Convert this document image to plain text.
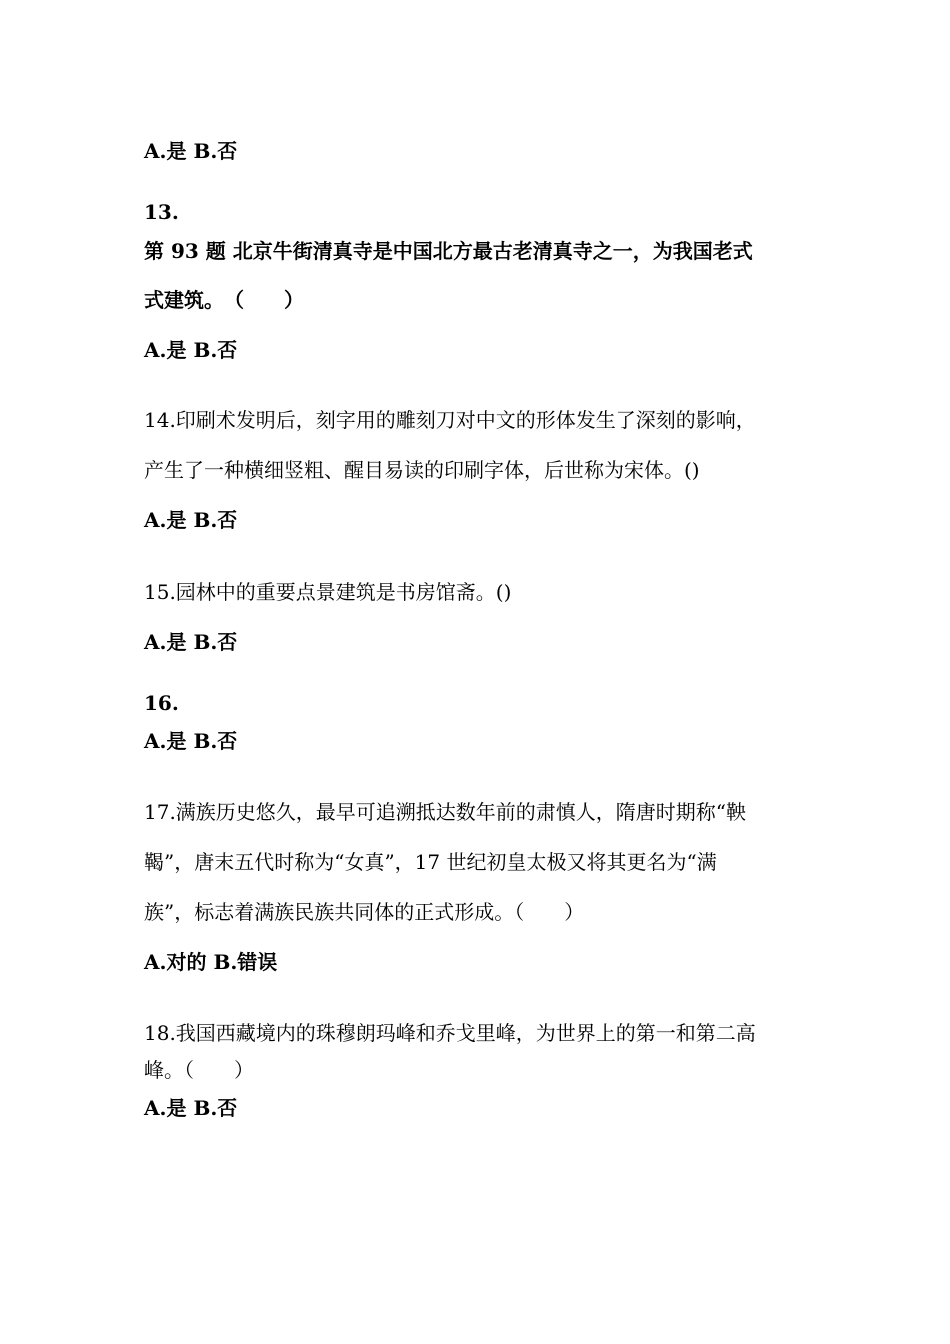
A.是 B.否
13.
第 93 题 北京牛街清真寺是中国北方最古老清真寺之一，为我国老式
式建筑。　（　　）
A.是 B.否
14.印刷术发明后，刻字用的雕刻刀对中文的形体发生了深刻的影响，
产生了一种横细竖粗、醒目易读的印刷字体，后世称为宋体。()
A.是 B.否
15.园林中的重要点景建筑是书房馆斋。()
A.是 B.否
16.
A.是 B.否
17.满族历史悠久，最早可追溯抵达数年前的肃慎人，隋唐时期称“鞅
鞨”，唐末五代时称为“女真”，17 世纪初皇太极又将其更名为“满
族”，标志着满族民族共同体的正式形成。（　　）
A.对的 B.错误
18.我国西藏境内的珠穆朗玛峰和乔戈里峰，为世界上的第一和第二高
峰。（　　）
A.是 B.否
